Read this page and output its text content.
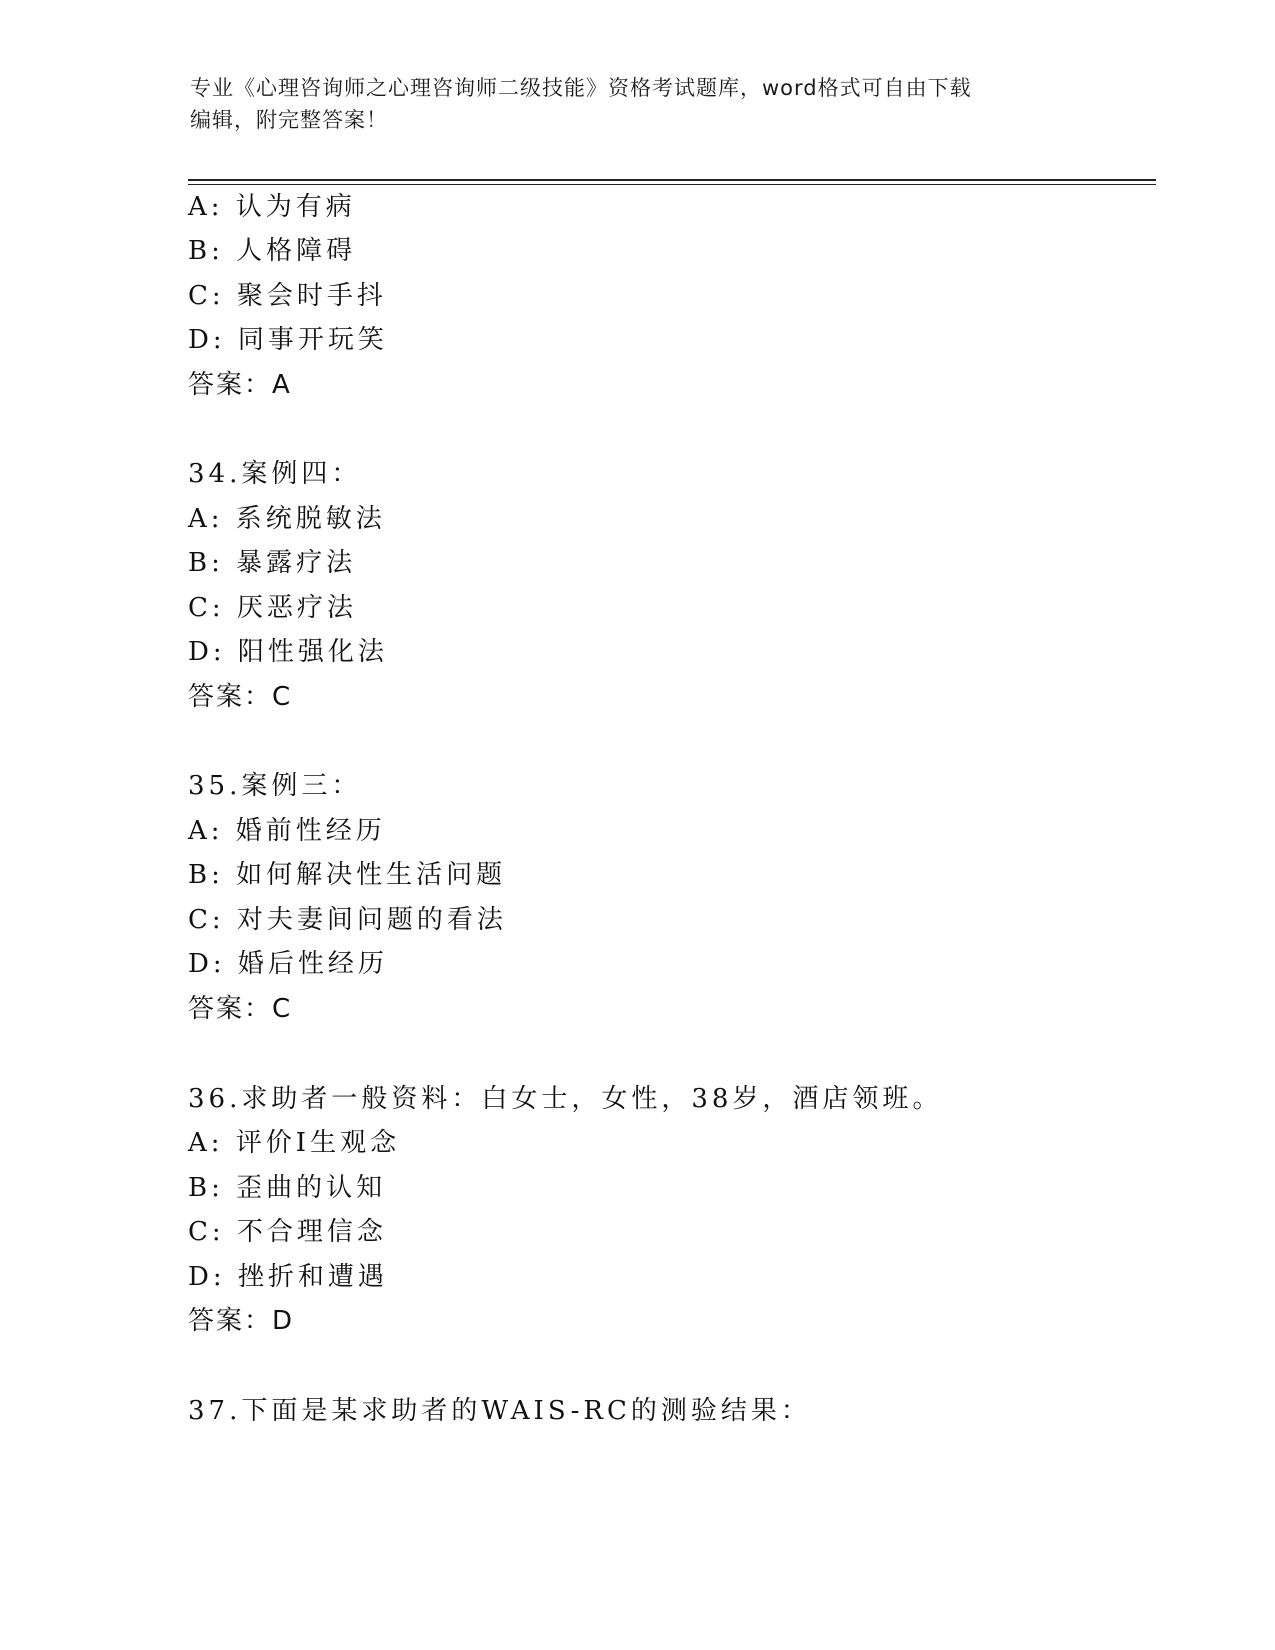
专业《心理咨询师之心理咨询师二级技能》资格考试题库，word格式可自由下载
编辑，附完整答案！
A: 认为有病
B: 人格障碍
C: 聚会时手抖
D: 同事开玩笑
答案：A
34.案例四：
A: 系统脱敏法
B: 暴露疗法
C: 厌恶疗法
D: 阳性强化法
答案：C
35.案例三：
A: 婚前性经历
B: 如何解决性生活问题
C: 对夫妻间问题的看法
D: 婚后性经历
答案：C
36.求助者一般资料：白女士，女性，38岁，酒店领班。
A: 评价Ⅰ生观念
B: 歪曲的认知
C: 不合理信念
D: 挫折和遭遇
答案：D
37.下面是某求助者的WAIS-RC的测验结果：
